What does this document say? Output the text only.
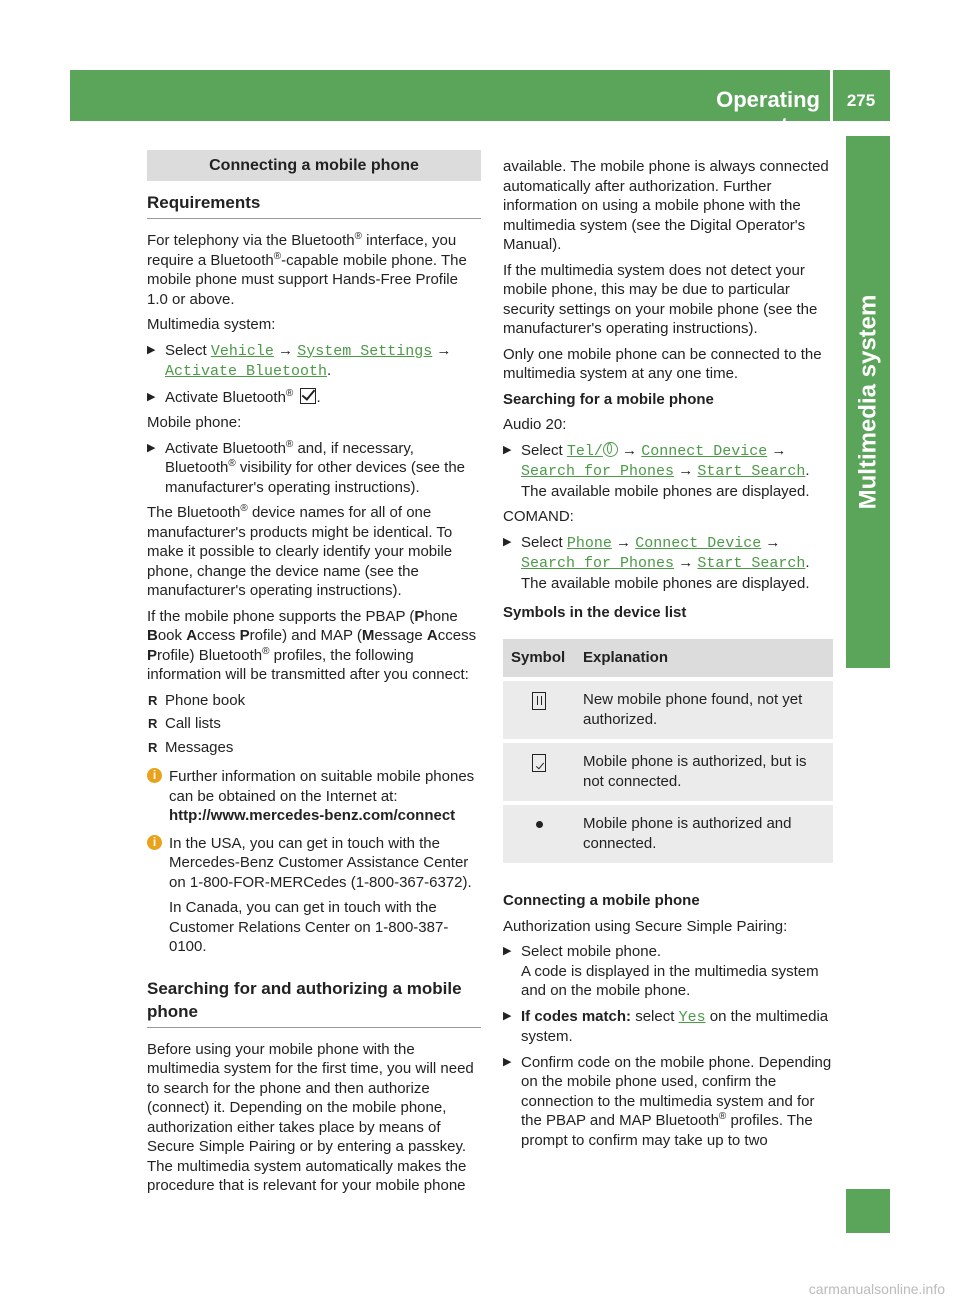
Operating system
275
Multimedia system
Connecting a mobile phone
Requirements

For telephony via the Bluetooth® interface, you require a Bluetooth®-capable mobile phone. The mobile phone must support Hands-Free Profile 1.0 or above.

Multimedia system:

▶ Select Vehicle → System Settings → Activate Bluetooth.
▶ Activate Bluetooth® .

Mobile phone:

▶ Activate Bluetooth® and, if necessary, Bluetooth® visibility for other devices (see the manufacturer's operating instructions).

The Bluetooth® device names for all of one manufacturer's products might be identical. To make it possible to clearly identify your mobile phone, change the device name (see the manufacturer's operating instructions).

If the mobile phone supports the PBAP (Phone Book Access Profile) and MAP (Message Access Profile) Bluetooth® profiles, the following information will be transmitted after you connect:

R Phone book
R Call lists
R Messages
i Further information on suitable mobile phones can be obtained on the Internet at:
http://www.mercedes-benz.com/connect
i In the USA, you can get in touch with the Mercedes-Benz Customer Assistance Center on 1-800-FOR-MERCedes (1-800-367-6372).
In Canada, you can get in touch with the Customer Relations Center on 1-800-387-0100.
Searching for and authorizing a mobile phone

Before using your mobile phone with the multimedia system for the first time, you will need to search for the phone and then authorize (connect) it. Depending on the mobile phone, authorization either takes place by means of Secure Simple Pairing or by entering a passkey. The multimedia system automatically makes the procedure that is relevant for your mobile phone

available. The mobile phone is always connected automatically after authorization. Further information on using a mobile phone with the multimedia system (see the Digital Operator's Manual).

If the multimedia system does not detect your mobile phone, this may be due to particular security settings on your mobile phone (see the manufacturer's operating instructions).

Only one mobile phone can be connected to the multimedia system at any one time.

Searching for a mobile phone

Audio 20:

▶ Select Tel/ → Connect Device → Search for Phones → Start Search.
The available mobile phones are displayed.

COMAND:

▶ Select Phone → Connect Device → Search for Phones → Start Search.
The available mobile phones are displayed.
Symbols in the device list
Symbol	Explanation
	New mobile phone found, not yet authorized.
	Mobile phone is authorized, but is not connected.
	Mobile phone is authorized and connected.
Connecting a mobile phone

Authorization using Secure Simple Pairing:

▶ Select mobile phone.
A code is displayed in the multimedia system and on the mobile phone.
▶ If codes match: select Yes on the multimedia system.
▶ Confirm code on the mobile phone. Depending on the mobile phone used, confirm the connection to the multimedia system and for the PBAP and MAP Bluetooth® profiles. The prompt to confirm may take up to two
carmanualsonline.info
